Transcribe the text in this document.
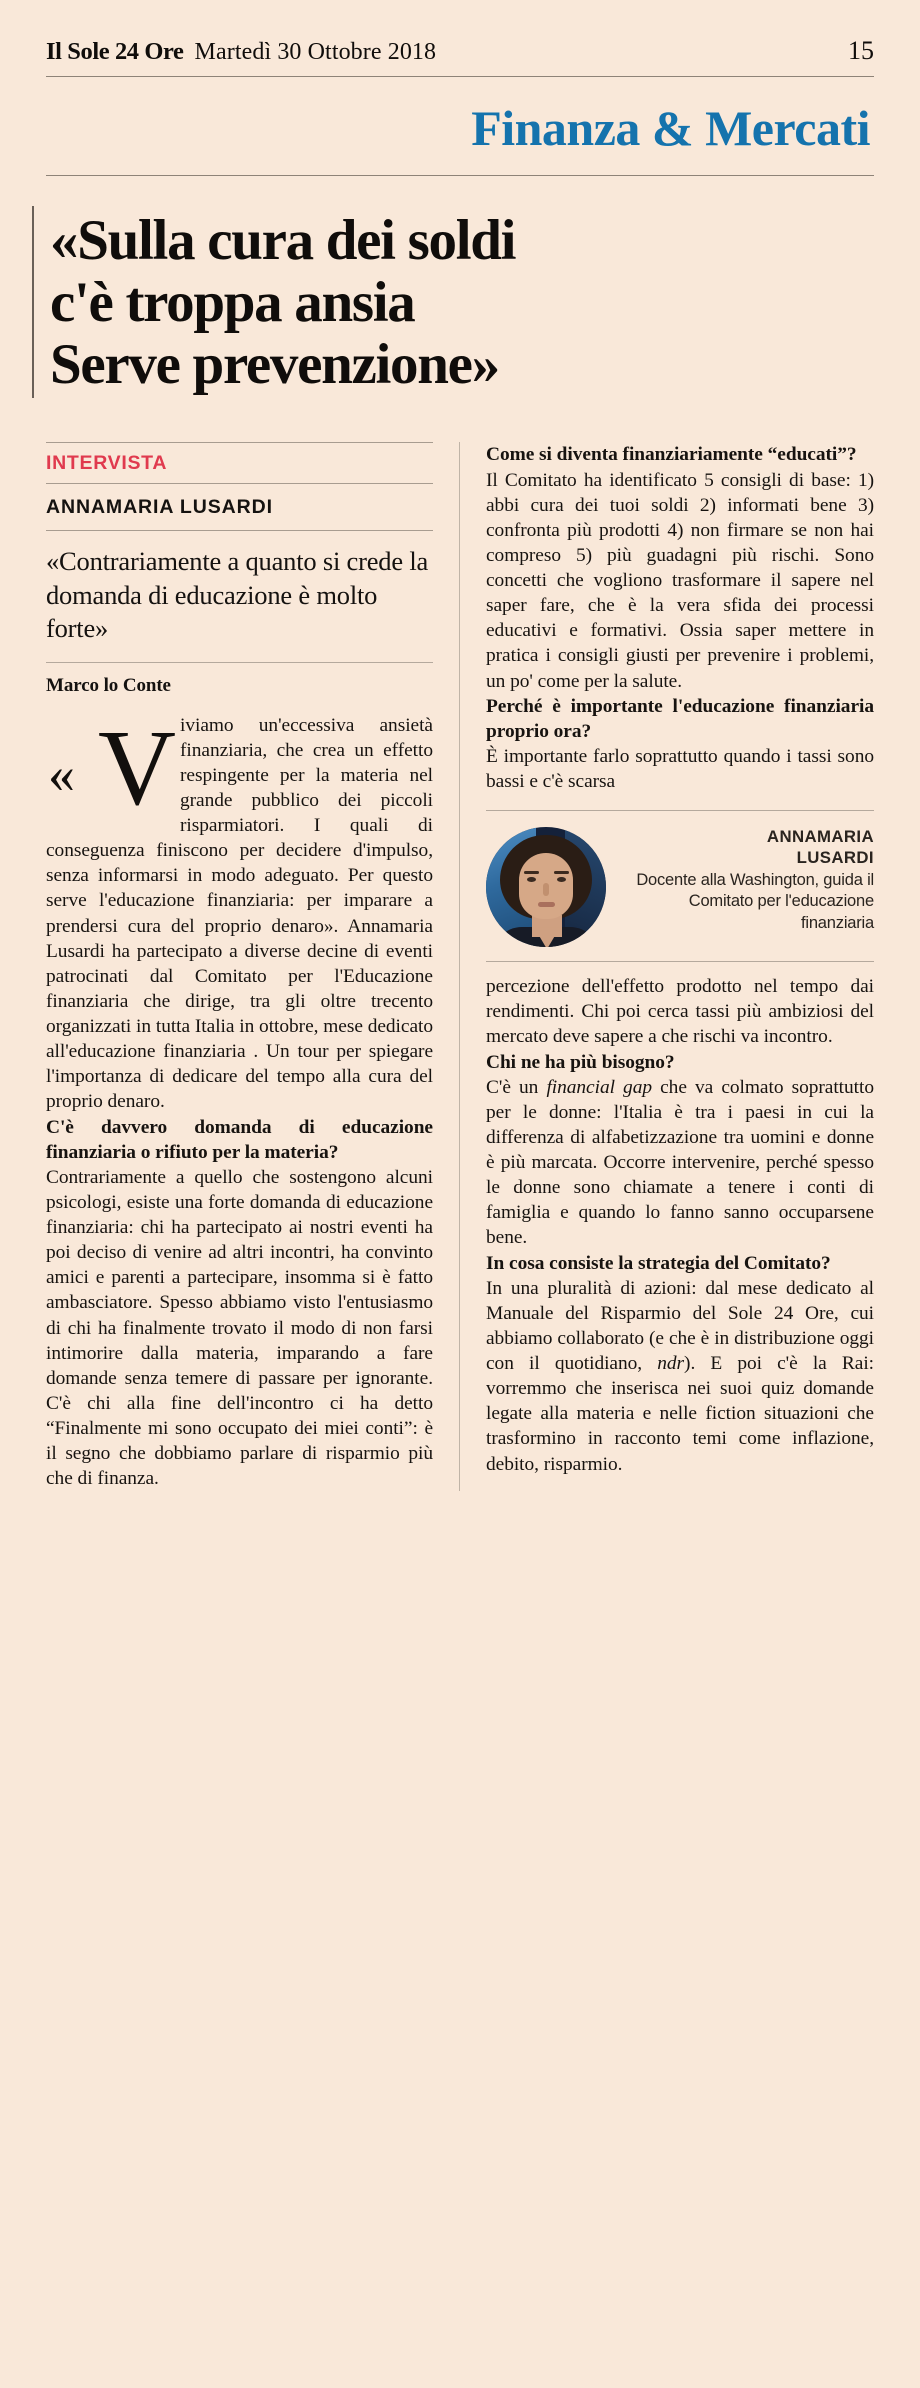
Il Sole 24 Ore Martedì 30 Ottobre 2018	15
Finanza & Mercati
«Sulla cura dei soldi
c'è troppa ansia
Serve prevenzione»
INTERVISTA
ANNAMARIA LUSARDI
«Contrariamente a quanto si crede la domanda di educazione è molto forte»
Marco lo Conte
« V iviamo un'eccessiva ansietà finanziaria, che crea un effetto respingente per la materia nel grande pubblico dei piccoli risparmiatori. I quali di conseguenza finiscono per decidere d'impulso, senza informarsi in modo adeguato. Per questo serve l'educazione finanziaria: per imparare a prendersi cura del proprio denaro». Annamaria Lusardi ha partecipato a diverse decine di eventi patrocinati dal Comitato per l'Educazione finanziaria che dirige, tra gli oltre trecento organizzati in tutta Italia in ottobre, mese dedicato all'educazione finanziaria . Un tour per spiegare l'importanza di dedicare del tempo alla cura del proprio denaro.

C'è davvero domanda di educazione finanziaria o rifiuto per la materia?

Contrariamente a quello che sostengono alcuni psicologi, esiste una forte domanda di educazione finanziaria: chi ha partecipato ai nostri eventi ha poi deciso di venire ad altri incontri, ha convinto amici e parenti a partecipare, insomma si è fatto ambasciatore. Spesso abbiamo visto l'entusiasmo di chi ha finalmente trovato il modo di non farsi intimorire dalla materia, imparando a fare domande senza temere di passare per ignorante. C'è chi alla fine dell'incontro ci ha detto “Finalmente mi sono occupato dei miei conti”: è il segno che dobbiamo parlare di risparmio più che di finanza.

Come si diventa finanziariamente “educati”?

Il Comitato ha identificato 5 consigli di base: 1) abbi cura dei tuoi soldi 2) informati bene 3) confronta più prodotti 4) non firmare se non hai compreso 5) più guadagni più rischi. Sono concetti che vogliono trasformare il sapere nel saper fare, che è la vera sfida dei processi educativi e formativi. Ossia saper mettere in pratica i consigli giusti per prevenire i problemi, un po' come per la salute.

Perché è importante l'educazione finanziaria proprio ora?

È importante farlo soprattutto quando i tassi sono bassi e c'è scarsa

ANNAMARIA
LUSARDI
Docente alla Washington, guida il Comitato per l'educazione finanziaria

percezione dell'effetto prodotto nel tempo dai rendimenti. Chi poi cerca tassi più ambiziosi del mercato deve sapere a che rischi va incontro.

Chi ne ha più bisogno?

C'è un financial gap che va colmato soprattutto per le donne: l'Italia è tra i paesi in cui la differenza di alfabetizzazione tra uomini e donne è più marcata. Occorre intervenire, perché spesso le donne sono chiamate a tenere i conti di famiglia e quando lo fanno sanno occuparsene bene.

In cosa consiste la strategia del Comitato?

In una pluralità di azioni: dal mese dedicato al Manuale del Risparmio del Sole 24 Ore, cui abbiamo collaborato (e che è in distribuzione oggi con il quotidiano, ndr). E poi c'è la Rai: vorremmo che inserisca nei suoi quiz domande legate alla materia e nelle fiction situazioni che trasformino in racconto temi come inflazione, debito, risparmio.
